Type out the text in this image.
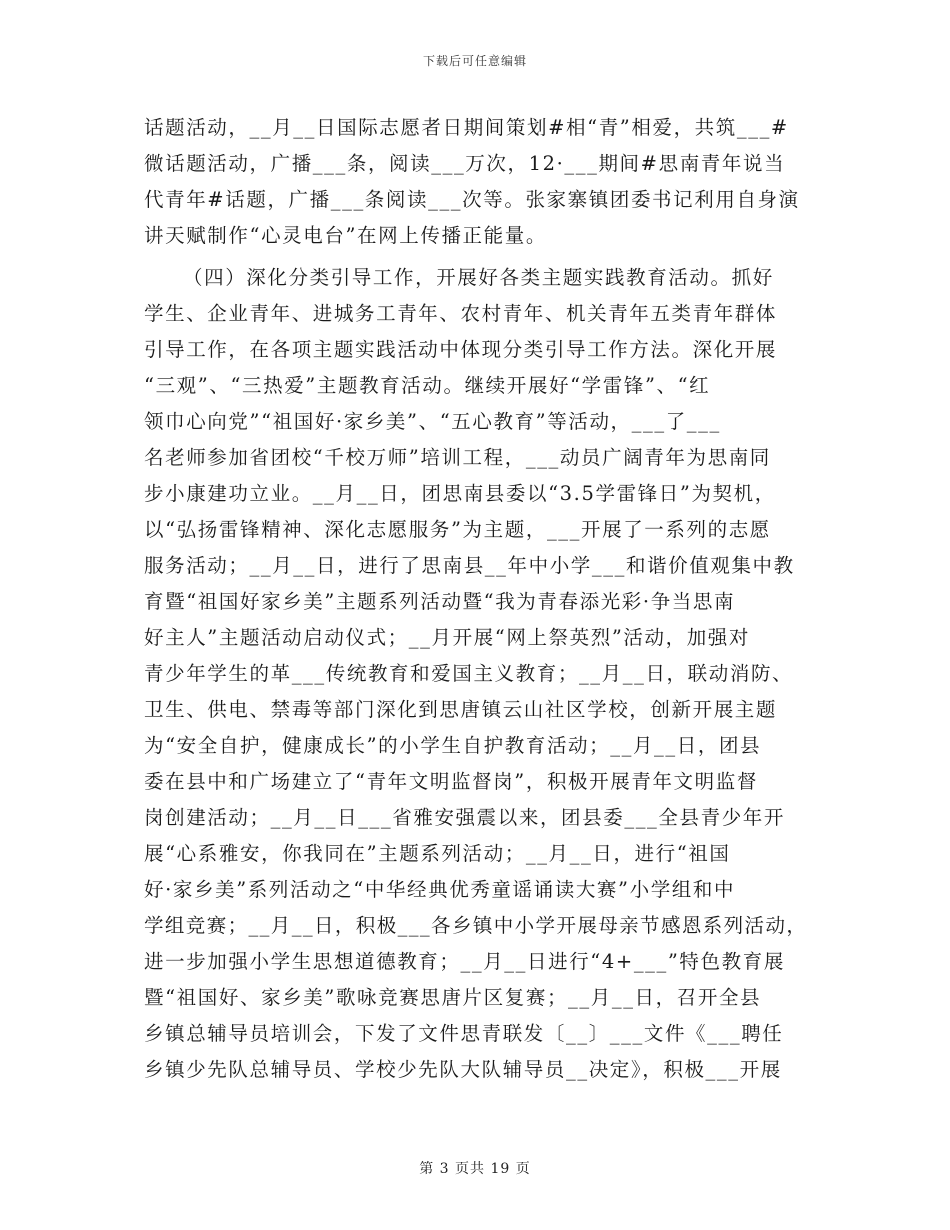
下载后可任意编辑
话题活动，__月__日国际志愿者日期间策划#相“青”相爱，共筑___#
微话题活动，广播___条，阅读___万次，12·___期间#思南青年说当
代青年#话题，广播___条阅读___次等。张家寨镇团委书记利用自身演
讲天赋制作“心灵电台”在网上传播正能量。
（四）深化分类引导工作，开展好各类主题实践教育活动。抓好
学生、企业青年、进城务工青年、农村青年、机关青年五类青年群体
引导工作，在各项主题实践活动中体现分类引导工作方法。深化开展
“三观”、“三热爱”主题教育活动。继续开展好“学雷锋”、“红
领巾心向党”“祖国好·家乡美”、“五心教育”等活动，___了___
名老师参加省团校“千校万师”培训工程，___动员广阔青年为思南同
步小康建功立业。__月__日，团思南县委以“3.5学雷锋日”为契机，
以“弘扬雷锋精神、深化志愿服务”为主题，___开展了一系列的志愿
服务活动；__月__日，进行了思南县__年中小学___和谐价值观集中教
育暨“祖国好家乡美”主题系列活动暨“我为青春添光彩·争当思南
好主人”主题活动启动仪式；__月开展“网上祭英烈”活动，加强对
青少年学生的革___传统教育和爱国主义教育；__月__日，联动消防、
卫生、供电、禁毒等部门深化到思唐镇云山社区学校，创新开展主题
为“安全自护，健康成长”的小学生自护教育活动；__月__日，团县
委在县中和广场建立了“青年文明监督岗”，积极开展青年文明监督
岗创建活动；__月__日___省雅安强震以来，团县委___全县青少年开
展“心系雅安，你我同在”主题系列活动；__月__日，进行“祖国
好·家乡美”系列活动之“中华经典优秀童谣诵读大赛”小学组和中
学组竞赛；__月__日，积极___各乡镇中小学开展母亲节感恩系列活动，
进一步加强小学生思想道德教育；__月__日进行“4+___”特色教育展
暨“祖国好、家乡美”歌咏竞赛思唐片区复赛；__月__日，召开全县
乡镇总辅导员培训会，下发了文件思青联发〔__〕___文件《___聘任
乡镇少先队总辅导员、学校少先队大队辅导员__决定》，积极___开展
第 3 页共 19 页
